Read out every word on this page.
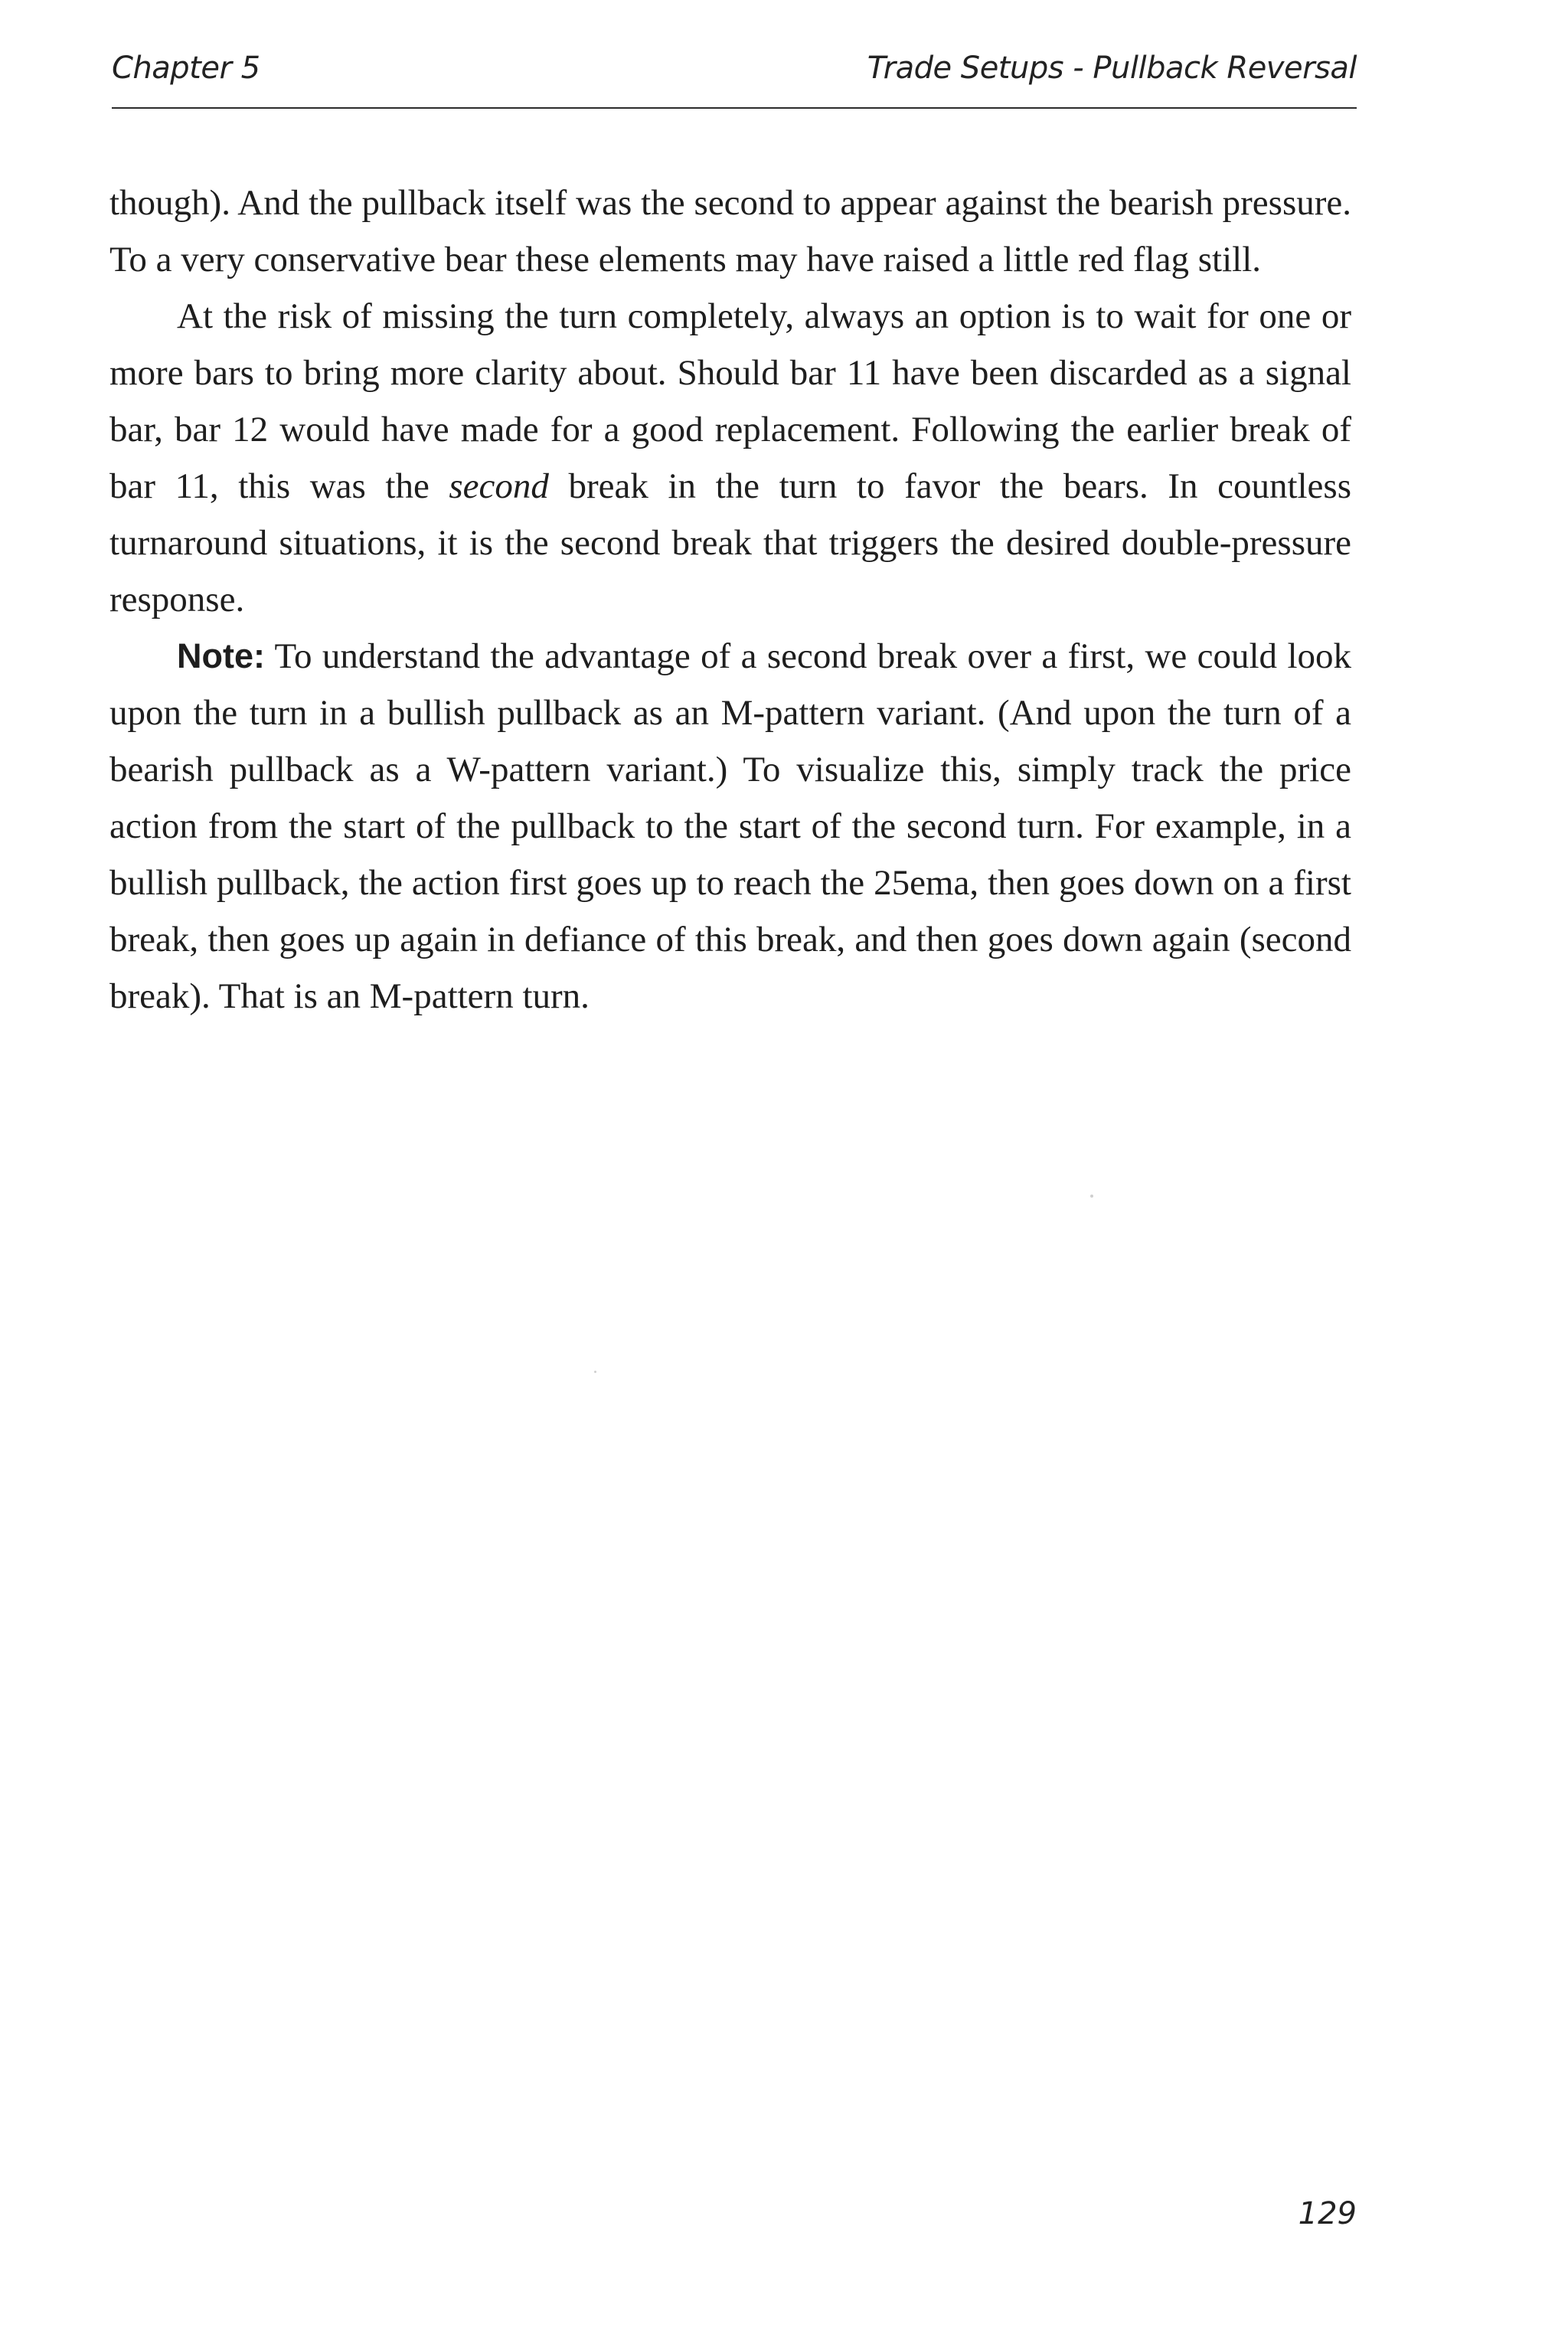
Chapter 5	Trade Setups - Pullback Reversal

though). And the pullback itself was the second to appear against the bearish pressure. To a very conservative bear these elements may have raised a little red flag still.

At the risk of missing the turn completely, always an option is to wait for one or more bars to bring more clarity about. Should bar 11 have been discarded as a signal bar, bar 12 would have made for a good replacement. Following the earlier break of bar 11, this was the second break in the turn to favor the bears. In countless turnaround situations, it is the second break that triggers the desired double-pressure response.

Note: To understand the advantage of a second break over a first, we could look upon the turn in a bullish pullback as an M-pattern variant. (And upon the turn of a bearish pullback as a W-pattern variant.) To visualize this, simply track the price action from the start of the pullback to the start of the second turn. For example, in a bullish pullback, the action first goes up to reach the 25ema, then goes down on a first break, then goes up again in defiance of this break, and then goes down again (second break). That is an M-pattern turn.

129
